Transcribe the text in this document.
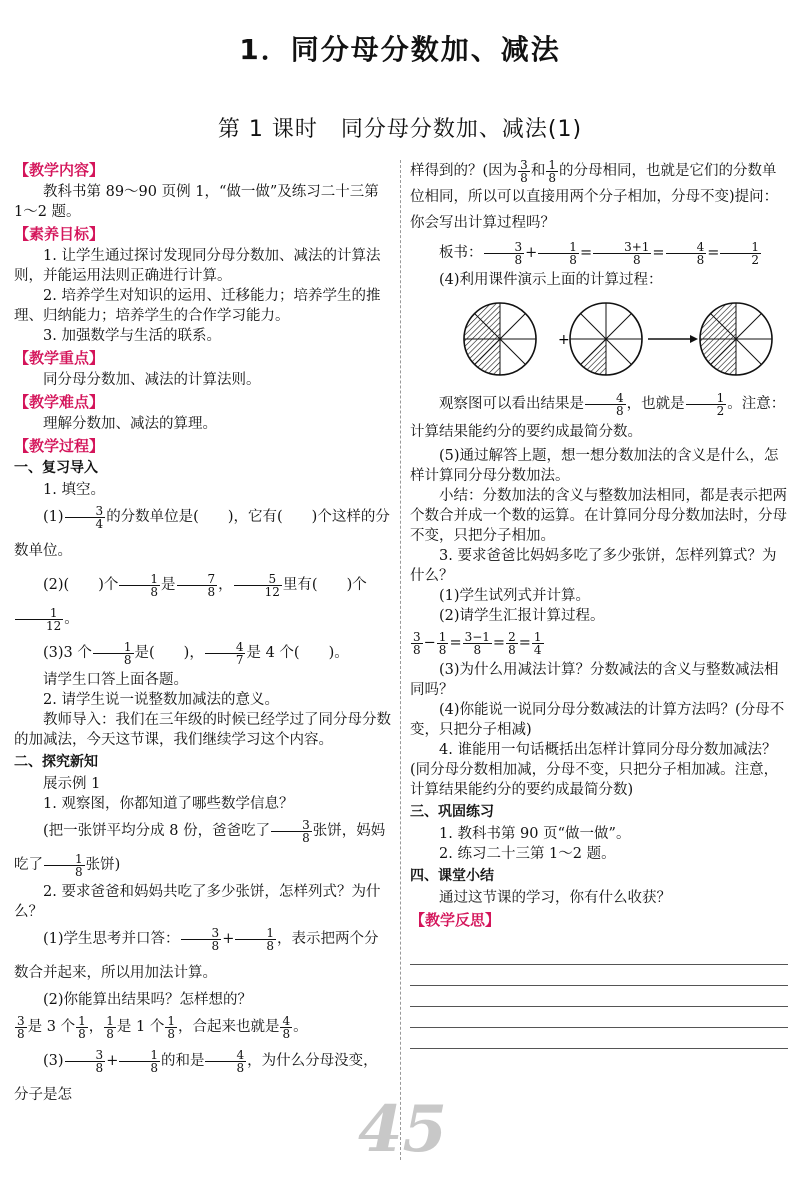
1．同分母分数加、减法
第 1 课时　同分母分数加、减法(1)
【教学内容】

教科书第 89～90 页例 1，“做一做”及练习二十三第 1～2 题。

【素养目标】

1. 让学生通过探讨发现同分母分数加、减法的计算法则，并能运用法则正确进行计算。

2. 培养学生对知识的运用、迁移能力；培养学生的推理、归纳能力；培养学生的合作学习能力。

3. 加强数学与生活的联系。

【教学重点】

同分母分数加、减法的计算法则。

【教学难点】

理解分数加、减法的算理。

【教学过程】
一、复习导入

1. 填空。

$(1) \frac{3}{4}$ 的分数单位是(　　)，它有(　　)个这样的分数单位。

(2)(　　)个 $\frac{1}{8}$ 是 $\frac{7}{8}$ ， $\frac{5}{12}$ 里有(　　)个
$\frac{1}{12}$ 。

(3)3 个 $\frac{1}{8}$ 是(　　)， $\frac{4}{7}$ 是 4 个(　　)。

请学生口答上面各题。

2. 请学生说一说整数加减法的意义。

教师导入：我们在三年级的时候已经学过了同分母分数的加减法，今天这节课，我们继续学习这个内容。

二、探究新知

展示例 1

1. 观察图，你都知道了哪些数学信息？

(把一张饼平均分成 8 份，爸爸吃了 $\frac{3}{8}$ 张饼，妈妈吃了 $\frac{1}{8}$ 张饼)

2. 要求爸爸和妈妈共吃了多少张饼，怎样列式？为什么？

(1)学生思考并口答： $\frac{3}{8} + \frac{1}{8}$ ，表示把两个分数合并起来，所以用加法计算。

(2)你能算出结果吗？怎样想的？

$\frac{3}{8}$ 是 3 个 $\frac{1}{8}$ ， $\frac{1}{8}$ 是 1 个 $\frac{1}{8}$ ，合起来也就是 $\frac{4}{8}$ 。

$(3) \frac{3}{8} + \frac{1}{8}$ 的和是 $\frac{4}{8}$ ，为什么分母没变，分子是怎

样得到的？(因为 $\frac{3}{8}$ 和 $\frac{1}{8}$ 的分母相同，也就是它们的分数单位相同，所以可以直接用两个分子相加，分母不变)提问：你会写出计算过程吗？

板书： $\frac{3}{8} + \frac{1}{8} = \frac{3+1}{8} = \frac{4}{8} = \frac{1}{2}$

(4)利用课件演示上面的计算过程：

+

观察图可以看出结果是 $\frac{4}{8}$ ，也就是 $\frac{1}{2}$ 。注意：计算结果能约分的要约成最简分数。

(5)通过解答上题，想一想分数加法的含义是什么，怎样计算同分母分数加法。

小结：分数加法的含义与整数加法相同，都是表示把两个数合并成一个数的运算。在计算同分母分数加法时，分母不变，只把分子相加。

3. 要求爸爸比妈妈多吃了多少张饼，怎样列算式？为什么？

(1)学生试列式并计算。

(2)请学生汇报计算过程。

$\frac{3}{8} - \frac{1}{8} = \frac{3-1}{8} = \frac{2}{8} = \frac{1}{4}$

(3)为什么用减法计算？分数减法的含义与整数减法相同吗？

(4)你能说一说同分母分数减法的计算方法吗？(分母不变，只把分子相减)

4. 谁能用一句话概括出怎样计算同分母分数加减法？(同分母分数相加减，分母不变，只把分子相加减。注意，计算结果能约分的要约成最简分数)

三、巩固练习

1. 教科书第 90 页“做一做”。

2. 练习二十三第 1～2 题。

四、课堂小结

通过这节课的学习，你有什么收获？

【教学反思】
45
